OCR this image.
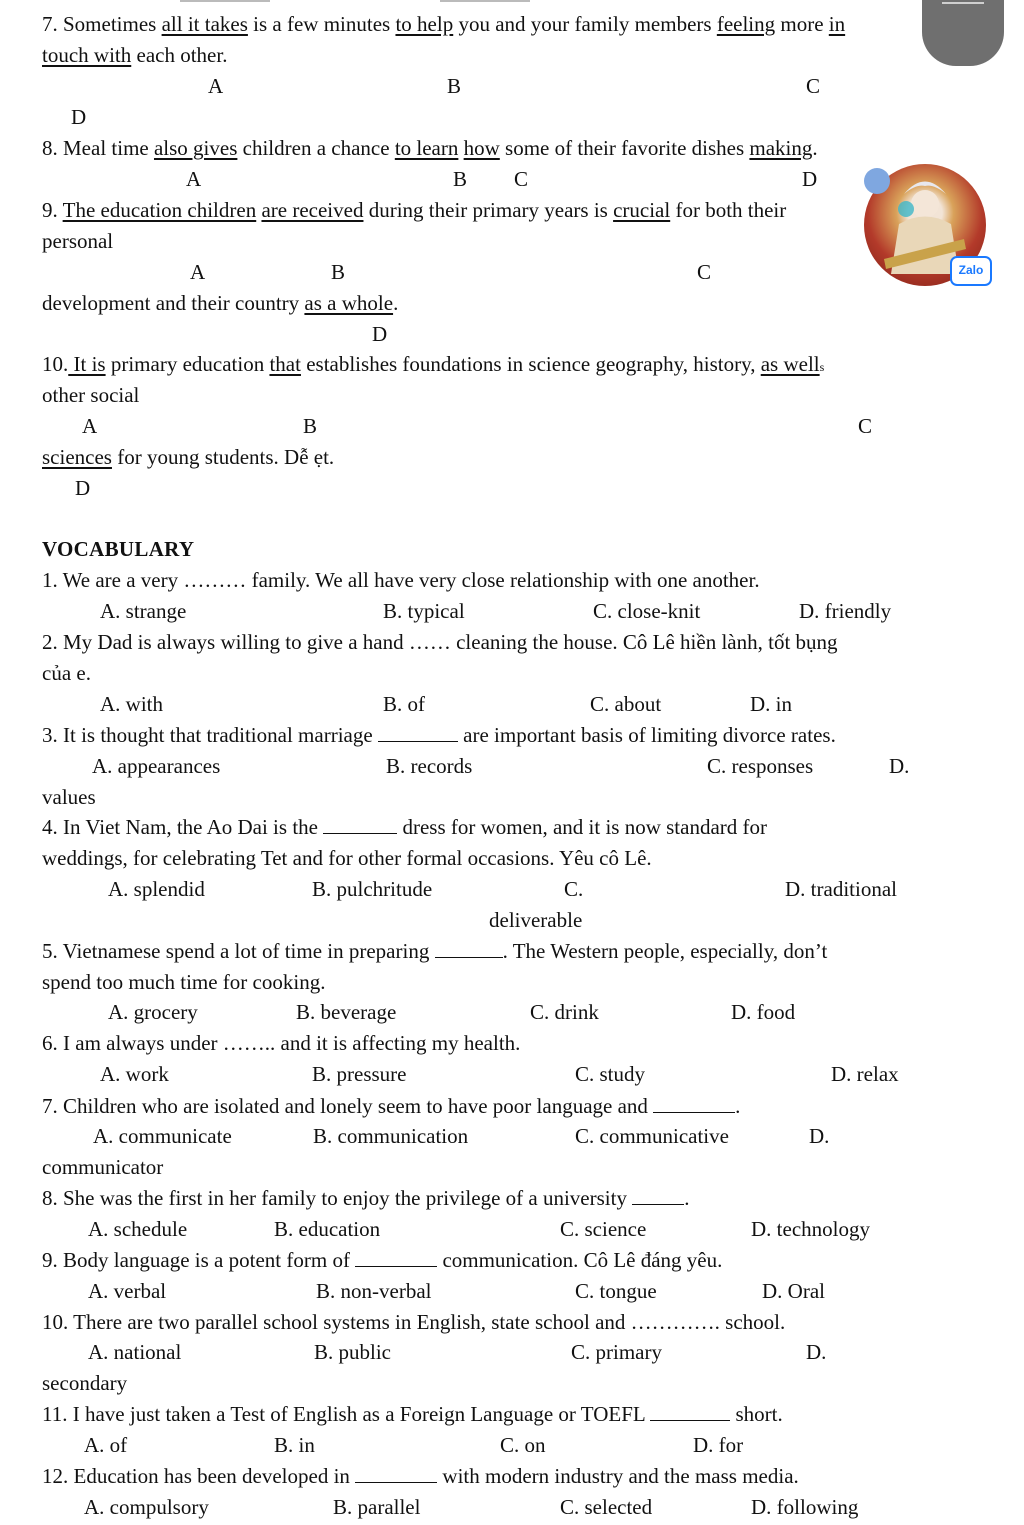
7. Sometimes all it takes is a few minutes to help you and your family members feeling more in
touch with each other.
A	B	C
D
8. Meal time also gives children a chance to learn how some of their favorite dishes making.
A	B C	D
9. The education children are received during their primary years is crucial for both their
personal
A	B	C
development and their country as a whole.
D
10. It is primary education that establishes foundations in science geography, history, as wells
other social
A	B	C
sciences for young students. Dễ ẹt.
D
VOCABULARY
1. We are a very ……… family. We all have very close relationship with one another.
A. strange	B. typical	C. close-knit	D. friendly
2. My Dad is always willing to give a hand …… cleaning the house. Cô Lê hiền lành, tốt bụng
của e.
A. with	B. of	C. about	D. in
3. It is thought that traditional marriage	are important basis of limiting divorce rates.
A. appearances	B. records	C. responses	D.
values
4. In Viet Nam, the Ao Dai is the	dress for women, and it is now standard for
weddings, for celebrating Tet and for other formal occasions. Yêu cô Lê.
A. splendid	B. pulchritude	C.	D. traditional
deliverable
5. Vietnamese spend a lot of time in preparing	. The Western people, especially, don’t
spend too much time for cooking.
A. grocery	B. beverage	C. drink	D. food
6. I am always under …….. and it is affecting my health.
A. work	B. pressure	C. study	D. relax
7. Children who are isolated and lonely seem to have poor language and	.
A. communicate	B. communication	C. communicative	D.
communicator
8. She was the first in her family to enjoy the privilege of a university .
A. schedule	B. education	C. science	D. technology
9. Body language is a potent form of	communication. Cô Lê đáng yêu.
A. verbal	B. non-verbal	C. tongue	D. Oral
10. There are two parallel school systems in English, state school and …………. school.
A. national	B. public	C. primary	D.
secondary
11. I have just taken a Test of English as a Foreign Language or TOEFL	short.
A. of	B. in	C. on	D. for
12. Education has been developed in	with modern industry and the mass media.
A. compulsory	B. parallel	C. selected	D. following
Zalo
